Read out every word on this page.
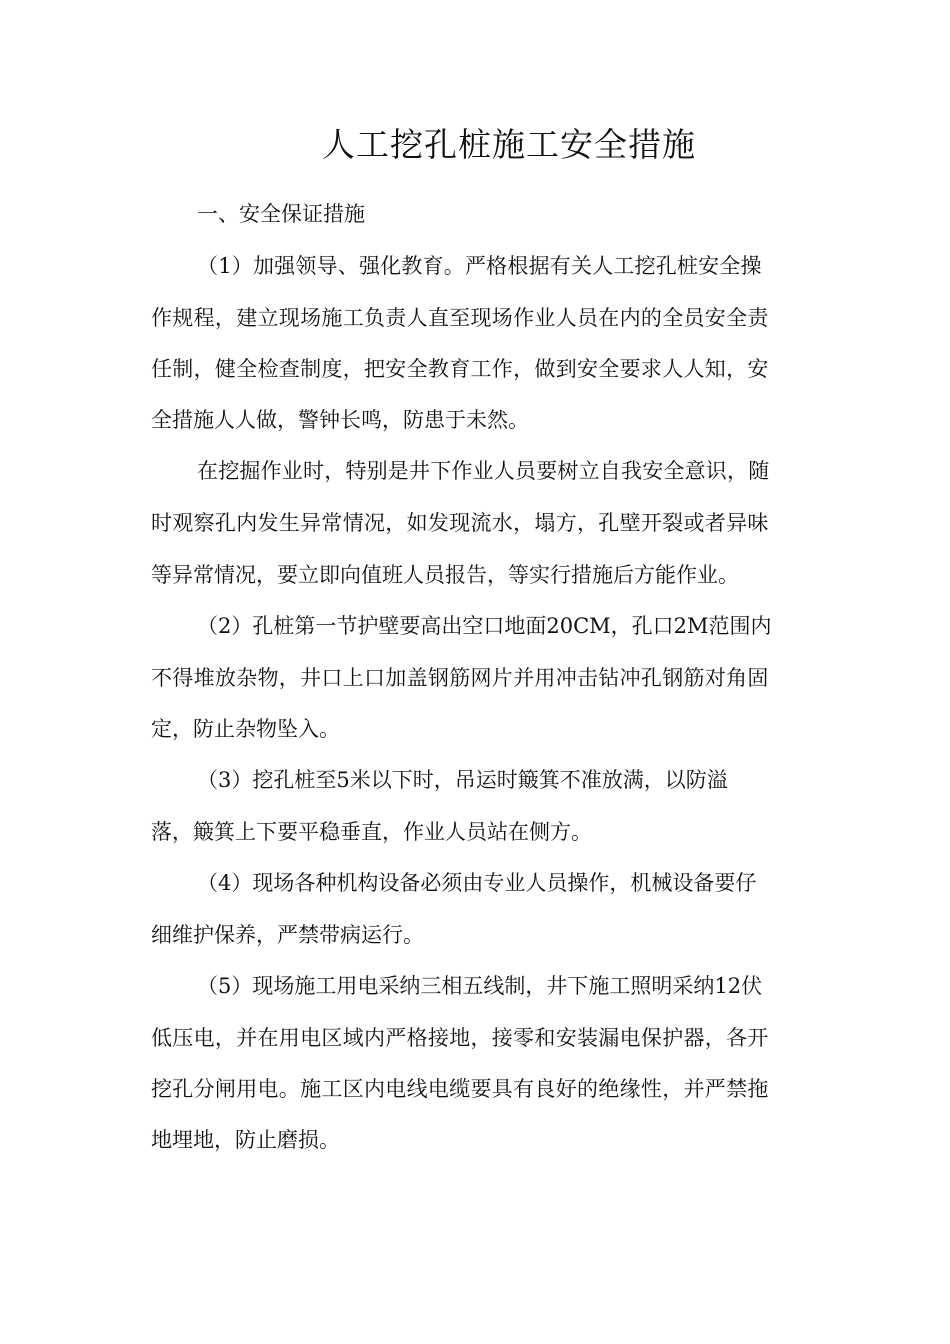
人工挖孔桩施工安全措施

一、安全保证措施

（1）加强领导、强化教育。严格根据有关人工挖孔桩安全操

作规程，建立现场施工负责人直至现场作业人员在内的全员安全责

任制，健全检查制度，把安全教育工作，做到安全要求人人知，安

全措施人人做，警钟长鸣，防患于未然。

在挖掘作业时，特别是井下作业人员要树立自我安全意识，随

时观察孔内发生异常情况，如发现流水，塌方，孔壁开裂或者异味

等异常情况，要立即向值班人员报告，等实行措施后方能作业。

（2）孔桩第一节护壁要高出空口地面20CM，孔口2M范围内

不得堆放杂物，井口上口加盖钢筋网片并用冲击钻冲孔钢筋对角固

定，防止杂物坠入。

（3）挖孔桩至5米以下时，吊运时簸箕不准放满，以防溢

落，簸箕上下要平稳垂直，作业人员站在侧方。

（4）现场各种机构设备必须由专业人员操作，机械设备要仔

细维护保养，严禁带病运行。

（5）现场施工用电采纳三相五线制，井下施工照明采纳12伏

低压电，并在用电区域内严格接地，接零和安装漏电保护器，各开

挖孔分闸用电。施工区内电线电缆要具有良好的绝缘性，并严禁拖

地埋地，防止磨损。
